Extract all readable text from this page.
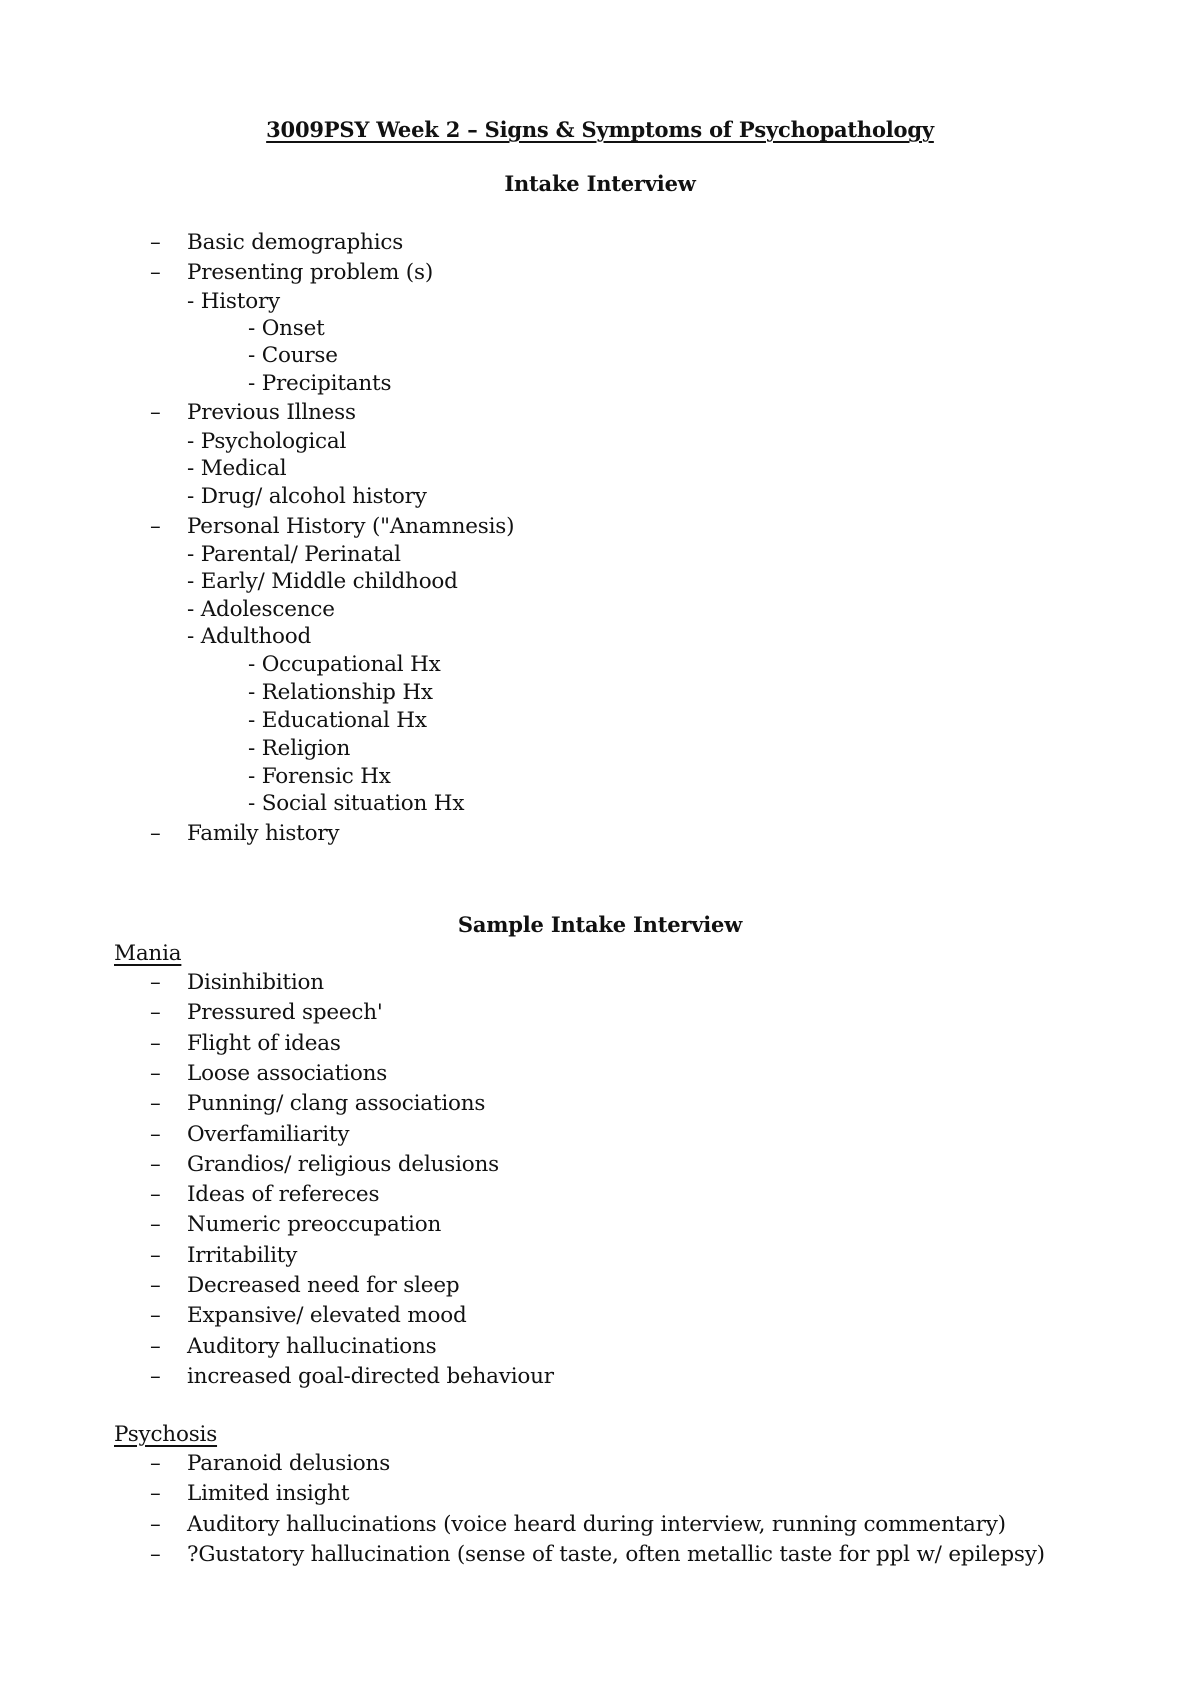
3009PSY Week 2 – Signs & Symptoms of Psychopathology
Intake Interview
– Basic demographics
– Presenting problem (s)
- History
- Onset
- Course
- Precipitants
– Previous Illness
- Psychological
- Medical
- Drug/ alcohol history
– Personal History ("Anamnesis)
- Parental/ Perinatal
- Early/ Middle childhood
- Adolescence
- Adulthood
- Occupational Hx
- Relationship Hx
- Educational Hx
- Religion
- Forensic Hx
- Social situation Hx
– Family history
Sample Intake Interview
Mania
– Disinhibition
– Pressured speech'
– Flight of ideas
– Loose associations
– Punning/ clang associations
– Overfamiliarity
– Grandios/ religious delusions
– Ideas of refereces
– Numeric preoccupation
– Irritability
– Decreased need for sleep
– Expansive/ elevated mood
– Auditory hallucinations
– increased goal-directed behaviour
Psychosis
– Paranoid delusions
– Limited insight
– Auditory hallucinations (voice heard during interview, running commentary)
– ?Gustatory hallucination (sense of taste, often metallic taste for ppl w/ epilepsy)
